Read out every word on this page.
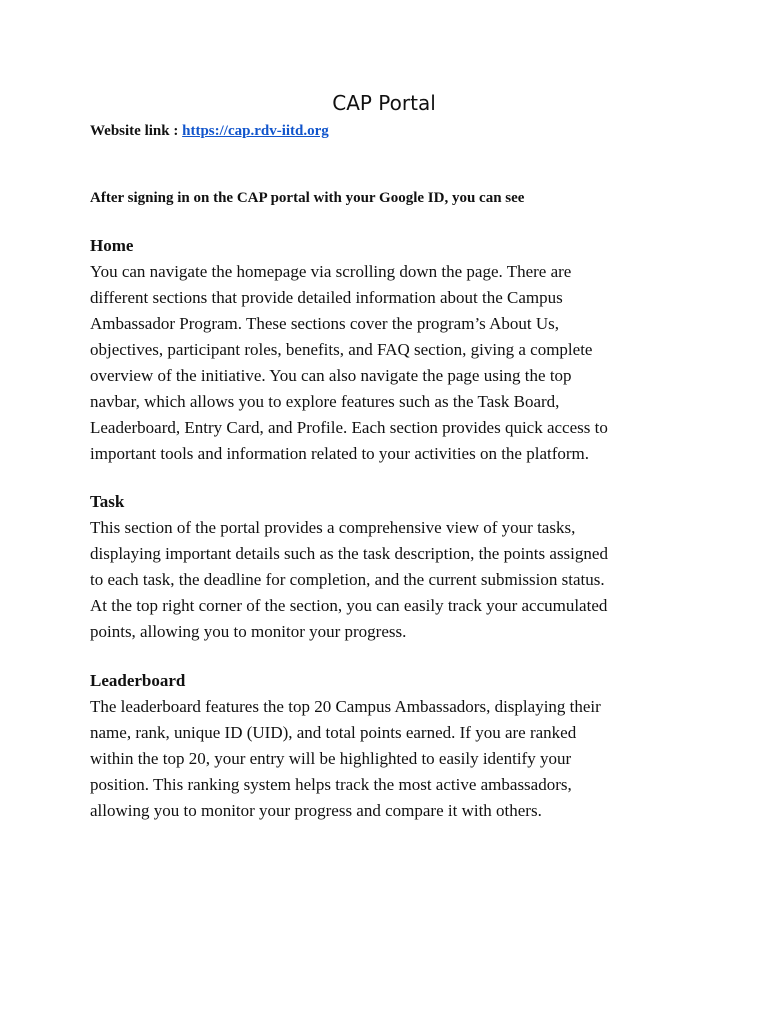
CAP Portal
Website link : https://cap.rdv-iitd.org
After signing in on the CAP portal with your Google ID, you can see

Home

You can navigate the homepage via scrolling down the page. There are
different sections that provide detailed information about the Campus
Ambassador Program. These sections cover the program’s About Us,
objectives, participant roles, benefits, and FAQ section, giving a complete
overview of the initiative. You can also navigate the page using the top
navbar, which allows you to explore features such as the Task Board,
Leaderboard, Entry Card, and Profile. Each section provides quick access to
important tools and information related to your activities on the platform.

Task

This section of the portal provides a comprehensive view of your tasks,
displaying important details such as the task description, the points assigned
to each task, the deadline for completion, and the current submission status.
At the top right corner of the section, you can easily track your accumulated
points, allowing you to monitor your progress.

Leaderboard

The leaderboard features the top 20 Campus Ambassadors, displaying their
name, rank, unique ID (UID), and total points earned. If you are ranked
within the top 20, your entry will be highlighted to easily identify your
position. This ranking system helps track the most active ambassadors,
allowing you to monitor your progress and compare it with others.
